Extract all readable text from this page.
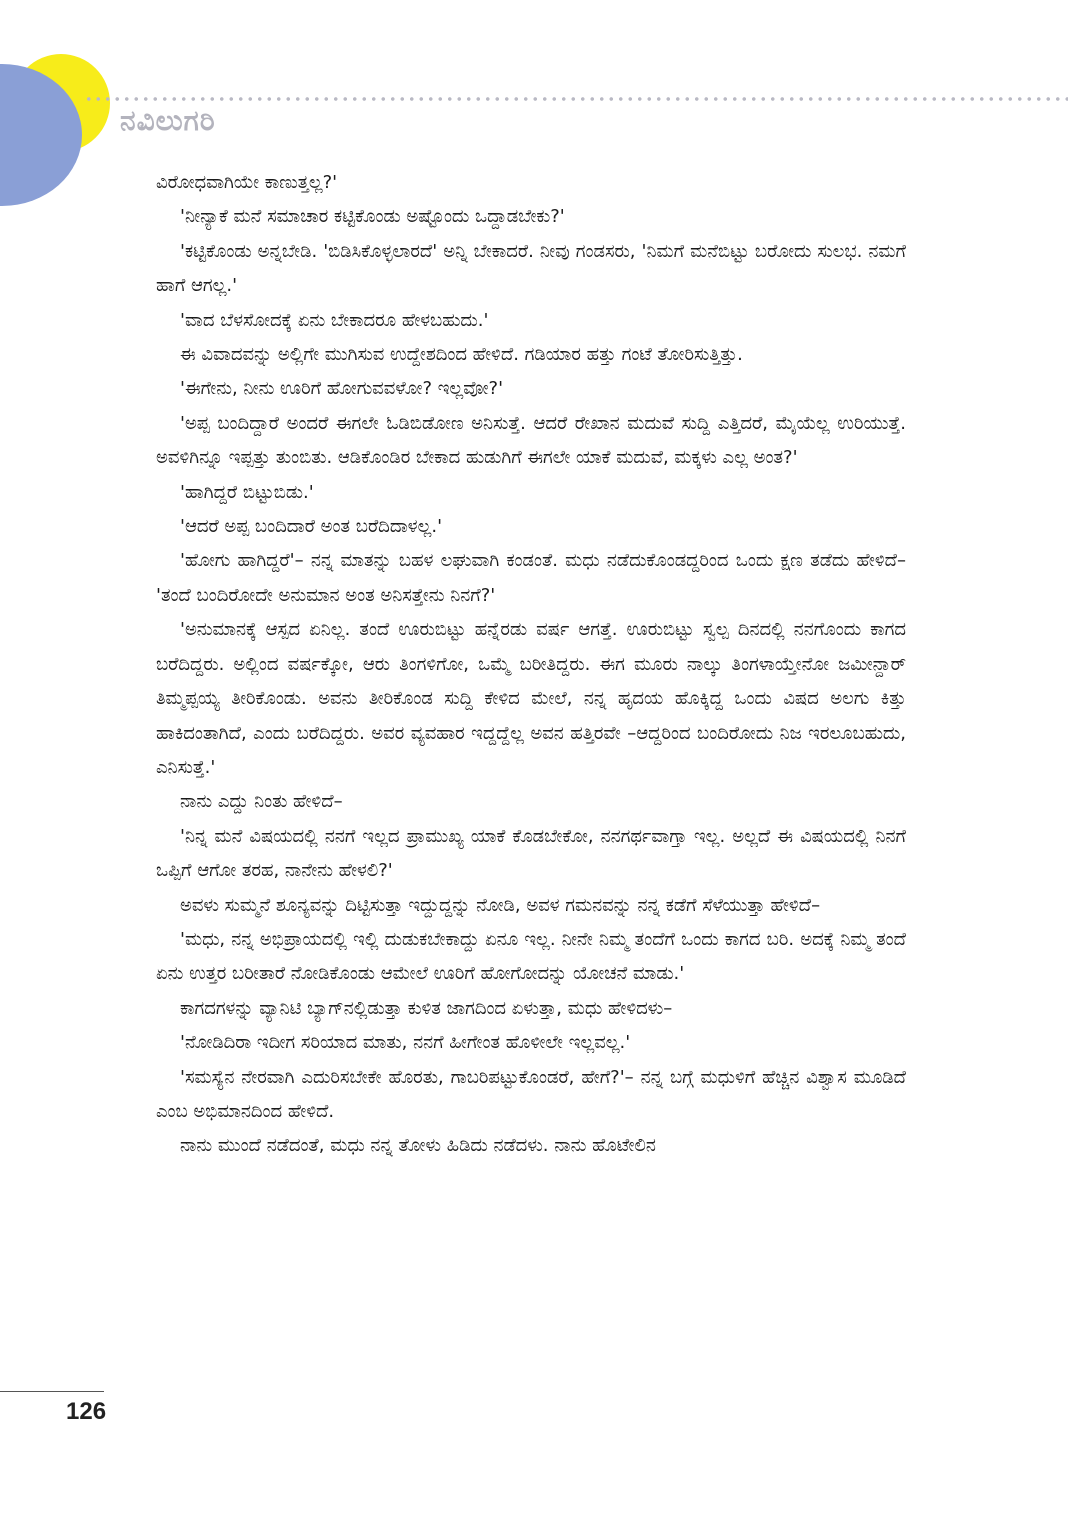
ನವಿಲುಗರಿ

ವಿರೋಧವಾಗಿಯೇ ಕಾಣುತ್ತಲ್ಲ?'

'ನೀನ್ಯಾಕೆ ಮನೆ ಸಮಾಚಾರ ಕಟ್ಟಿಕೊಂಡು ಅಷ್ಟೊಂದು ಒದ್ದಾಡಬೇಕು?'

'ಕಟ್ಟಿಕೊಂಡು ಅನ್ನಬೇಡಿ. 'ಬಿಡಿಸಿಕೊಳ್ಳಲಾರದೆ' ಅನ್ನಿ ಬೇಕಾದರೆ. ನೀವು ಗಂಡಸರು, 'ನಿಮಗೆ ಮನೆಬಿಟ್ಟು ಬರೋದು ಸುಲಭ. ನಮಗೆ ಹಾಗೆ ಆಗಲ್ಲ.'

'ವಾದ ಬೆಳಸೋದಕ್ಕೆ ಏನು ಬೇಕಾದರೂ ಹೇಳಬಹುದು.'

ಈ ವಿವಾದವನ್ನು ಅಲ್ಲಿಗೇ ಮುಗಿಸುವ ಉದ್ದೇಶದಿಂದ ಹೇಳಿದೆ. ಗಡಿಯಾರ ಹತ್ತು ಗಂಟೆ ತೋರಿಸುತ್ತಿತ್ತು.

'ಈಗೇನು, ನೀನು ಊರಿಗೆ ಹೋಗುವವಳೋ? ಇಲ್ಲವೋ?'

'ಅಪ್ಪ ಬಂದಿದ್ದಾರೆ ಅಂದರೆ ಈಗಲೇ ಓಡಿಬಿಡೋಣ ಅನಿಸುತ್ತೆ. ಆದರೆ ರೇಖಾನ ಮದುವೆ ಸುದ್ದಿ ಎತ್ತಿದರೆ, ಮೈಯೆಲ್ಲ ಉರಿಯುತ್ತೆ. ಅವಳಿಗಿನ್ನೂ ಇಪ್ಪತ್ತು ತುಂಬಿತು. ಆಡಿಕೊಂಡಿರ ಬೇಕಾದ ಹುಡುಗಿಗೆ ಈಗಲೇ ಯಾಕೆ ಮದುವೆ, ಮಕ್ಕಳು ಎಲ್ಲ ಅಂತ?'

'ಹಾಗಿದ್ದರೆ ಬಿಟ್ಟುಬಿಡು.'

'ಆದರೆ ಅಪ್ಪ ಬಂದಿದಾರೆ ಅಂತ ಬರೆದಿದಾಳಲ್ಲ.'

'ಹೋಗು ಹಾಗಿದ್ದರೆ'– ನನ್ನ ಮಾತನ್ನು ಬಹಳ ಲಘುವಾಗಿ ಕಂಡಂತೆ. ಮಧು ನಡೆದುಕೊಂಡದ್ದರಿಂದ ಒಂದು ಕ್ಷಣ ತಡೆದು ಹೇಳಿದೆ– 'ತಂದೆ ಬಂದಿರೋದೇ ಅನುಮಾನ ಅಂತ ಅನಿಸತ್ತೇನು ನಿನಗೆ?'

'ಅನುಮಾನಕ್ಕೆ ಆಸ್ಪದ ಏನಿಲ್ಲ. ತಂದೆ ಊರುಬಿಟ್ಟು ಹನ್ನೆರಡು ವರ್ಷ ಆಗತ್ತೆ. ಊರುಬಿಟ್ಟು ಸ್ವಲ್ಪ ದಿನದಲ್ಲಿ ನನಗೊಂದು ಕಾಗದ ಬರೆದಿದ್ದರು. ಅಲ್ಲಿಂದ ವರ್ಷಕ್ಕೋ, ಆರು ತಿಂಗಳಿಗೋ, ಒಮ್ಮೆ ಬರೀತಿದ್ದರು. ಈಗ ಮೂರು ನಾಲ್ಕು ತಿಂಗಳಾಯ್ತೇನೋ ಜಮೀನ್ದಾರ್ ತಿಮ್ಮಪ್ಪಯ್ಯ ತೀರಿಕೊಂಡು. ಅವನು ತೀರಿಕೊಂಡ ಸುದ್ದಿ ಕೇಳಿದ ಮೇಲೆ, ನನ್ನ ಹೃದಯ ಹೊಕ್ಕಿದ್ದ ಒಂದು ವಿಷದ ಅಲಗು ಕಿತ್ತು ಹಾಕಿದಂತಾಗಿದೆ, ಎಂದು ಬರೆದಿದ್ದರು. ಅವರ ವ್ಯವಹಾರ ಇದ್ದದ್ದೆಲ್ಲ ಅವನ ಹತ್ತಿರವೇ –ಆದ್ದರಿಂದ ಬಂದಿರೋದು ನಿಜ ಇರಲೂಬಹುದು, ಎನಿಸುತ್ತೆ.'

ನಾನು ಎದ್ದು ನಿಂತು ಹೇಳಿದೆ–

'ನಿನ್ನ ಮನೆ ವಿಷಯದಲ್ಲಿ ನನಗೆ ಇಲ್ಲದ ಪ್ರಾಮುಖ್ಯ ಯಾಕೆ ಕೊಡಬೇಕೋ, ನನಗರ್ಥವಾಗ್ತಾ ಇಲ್ಲ. ಅಲ್ಲದೆ ಈ ವಿಷಯದಲ್ಲಿ ನಿನಗೆ ಒಪ್ಪಿಗೆ ಆಗೋ ತರಹ, ನಾನೇನು ಹೇಳಲಿ?'

ಅವಳು ಸುಮ್ಮನೆ ಶೂನ್ಯವನ್ನು ದಿಟ್ಟಿಸುತ್ತಾ ಇದ್ದುದ್ದನ್ನು ನೋಡಿ, ಅವಳ ಗಮನವನ್ನು ನನ್ನ ಕಡೆಗೆ ಸೆಳೆಯುತ್ತಾ ಹೇಳಿದೆ–

'ಮಧು, ನನ್ನ ಅಭಿಪ್ರಾಯದಲ್ಲಿ ಇಲ್ಲಿ ದುಡುಕಬೇಕಾದ್ದು ಏನೂ ಇಲ್ಲ. ನೀನೇ ನಿಮ್ಮ ತಂದೆಗೆ ಒಂದು ಕಾಗದ ಬರಿ. ಅದಕ್ಕೆ ನಿಮ್ಮ ತಂದೆ ಏನು ಉತ್ತರ ಬರೀತಾರೆ ನೋಡಿಕೊಂಡು ಆಮೇಲೆ ಊರಿಗೆ ಹೋಗೋದನ್ನು ಯೋಚನೆ ಮಾಡು.'

ಕಾಗದಗಳನ್ನು ವ್ಯಾನಿಟಿ ಬ್ಯಾಗ್‌ನಲ್ಲಿಡುತ್ತಾ ಕುಳಿತ ಜಾಗದಿಂದ ಏಳುತ್ತಾ, ಮಧು ಹೇಳಿದಳು–

'ನೋಡಿದಿರಾ ಇದೀಗ ಸರಿಯಾದ ಮಾತು, ನನಗೆ ಹೀಗೇಂತ ಹೊಳೀಲೇ ಇಲ್ಲವಲ್ಲ.'

'ಸಮಸ್ಯೆನ ನೇರವಾಗಿ ಎದುರಿಸಬೇಕೇ ಹೊರತು, ಗಾಬರಿಪಟ್ಟುಕೊಂಡರೆ, ಹೇಗೆ?'– ನನ್ನ ಬಗ್ಗೆ ಮಧುಳಿಗೆ ಹೆಚ್ಚಿನ ವಿಶ್ವಾಸ ಮೂಡಿದೆ ಎಂಬ ಅಭಿಮಾನದಿಂದ ಹೇಳಿದೆ.

ನಾನು ಮುಂದೆ ನಡೆದಂತೆ, ಮಧು ನನ್ನ ತೋಳು ಹಿಡಿದು ನಡೆದಳು. ನಾನು ಹೊಟೇಲಿನ

126
